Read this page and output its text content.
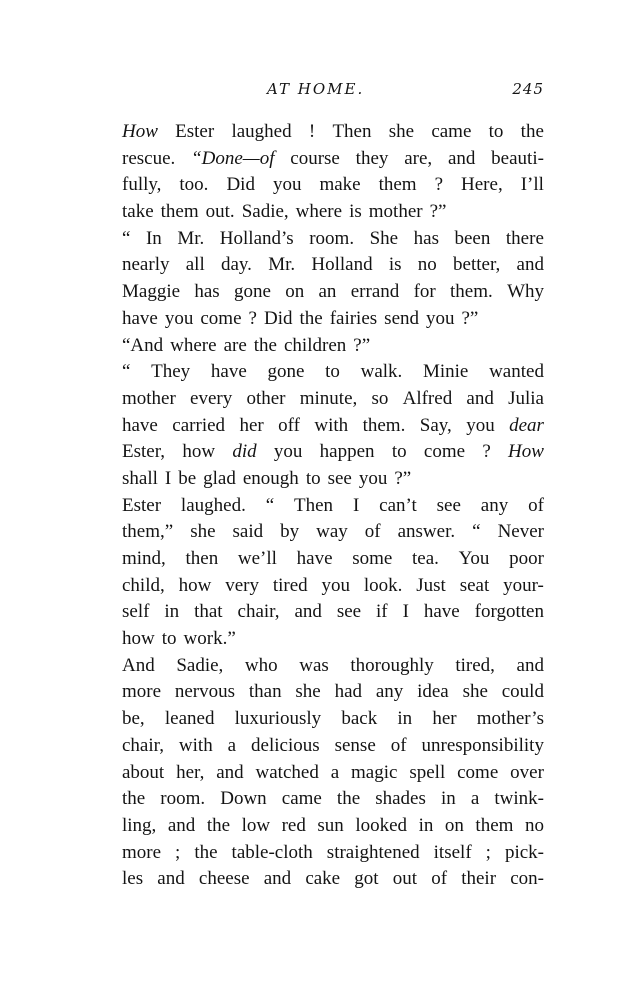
AT HOME.	245
How Ester laughed ! Then she came to the
rescue. “Done—of course they are, and beauti-
fully, too. Did you make them ? Here, I’ll
take them out. Sadie, where is mother ?”
“ In Mr. Holland’s room. She has been there
nearly all day. Mr. Holland is no better, and
Maggie has gone on an errand for them. Why
have you come ? Did the fairies send you ?”
“And where are the children ?”
“ They have gone to walk. Minie wanted
mother every other minute, so Alfred and Julia
have carried her off with them. Say, you dear
Ester, how did you happen to come ? How
shall I be glad enough to see you ?”
Ester laughed. “ Then I can’t see any of
them,” she said by way of answer. “ Never
mind, then we’ll have some tea. You poor
child, how very tired you look. Just seat your-
self in that chair, and see if I have forgotten
how to work.”
And Sadie, who was thoroughly tired, and
more nervous than she had any idea she could
be, leaned luxuriously back in her mother’s
chair, with a delicious sense of unresponsibility
about her, and watched a magic spell come over
the room. Down came the shades in a twink-
ling, and the low red sun looked in on them no
more ; the table-cloth straightened itself ; pick-
les and cheese and cake got out of their con-
